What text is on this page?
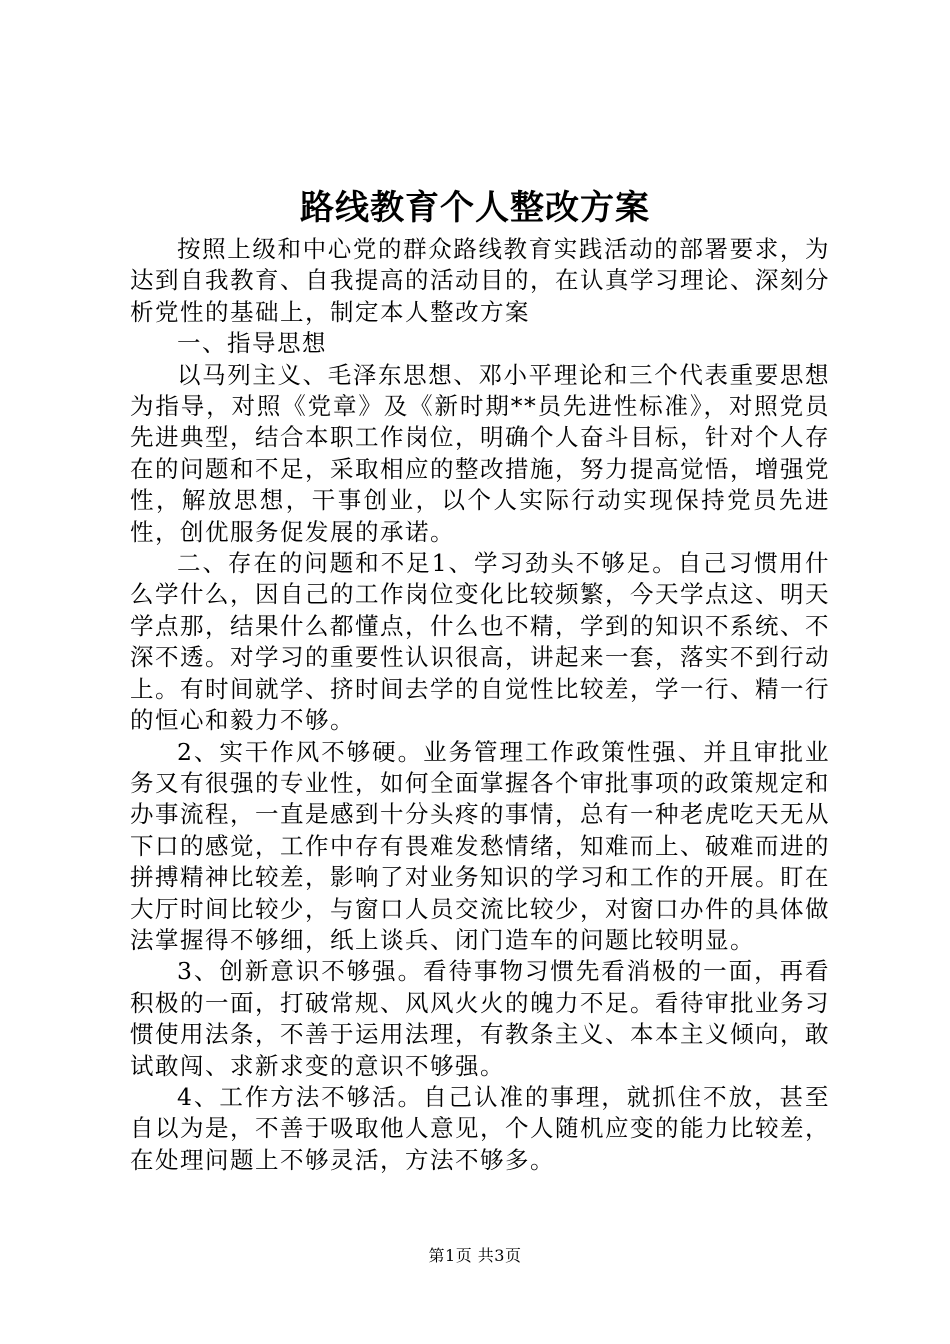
路线教育个人整改方案

按照上级和中心党的群众路线教育实践活动的部署要求，为达到自我教育、自我提高的活动目的，在认真学习理论、深刻分析党性的基础上，制定本人整改方案

一、指导思想

以马列主义、毛泽东思想、邓小平理论和三个代表重要思想为指导，对照《党章》及《新时期**员先进性标准》，对照党员先进典型，结合本职工作岗位，明确个人奋斗目标，针对个人存在的问题和不足，采取相应的整改措施，努力提高觉悟，增强党性，解放思想，干事创业，以个人实际行动实现保持党员先进性，创优服务促发展的承诺。

二、存在的问题和不足1、学习劲头不够足。自己习惯用什么学什么，因自己的工作岗位变化比较频繁，今天学点这、明天学点那，结果什么都懂点，什么也不精，学到的知识不系统、不深不透。对学习的重要性认识很高，讲起来一套，落实不到行动上。有时间就学、挤时间去学的自觉性比较差，学一行、精一行的恒心和毅力不够。

2、实干作风不够硬。业务管理工作政策性强、并且审批业务又有很强的专业性，如何全面掌握各个审批事项的政策规定和办事流程，一直是感到十分头疼的事情，总有一种老虎吃天无从下口的感觉，工作中存有畏难发愁情绪，知难而上、破难而进的拼搏精神比较差，影响了对业务知识的学习和工作的开展。盯在大厅时间比较少，与窗口人员交流比较少，对窗口办件的具体做法掌握得不够细，纸上谈兵、闭门造车的问题比较明显。

3、创新意识不够强。看待事物习惯先看消极的一面，再看积极的一面，打破常规、风风火火的魄力不足。看待审批业务习惯使用法条，不善于运用法理，有教条主义、本本主义倾向，敢试敢闯、求新求变的意识不够强。

4、工作方法不够活。自己认准的事理，就抓住不放，甚至自以为是，不善于吸取他人意见，个人随机应变的能力比较差，在处理问题上不够灵活，方法不够多。

第1页 共3页
